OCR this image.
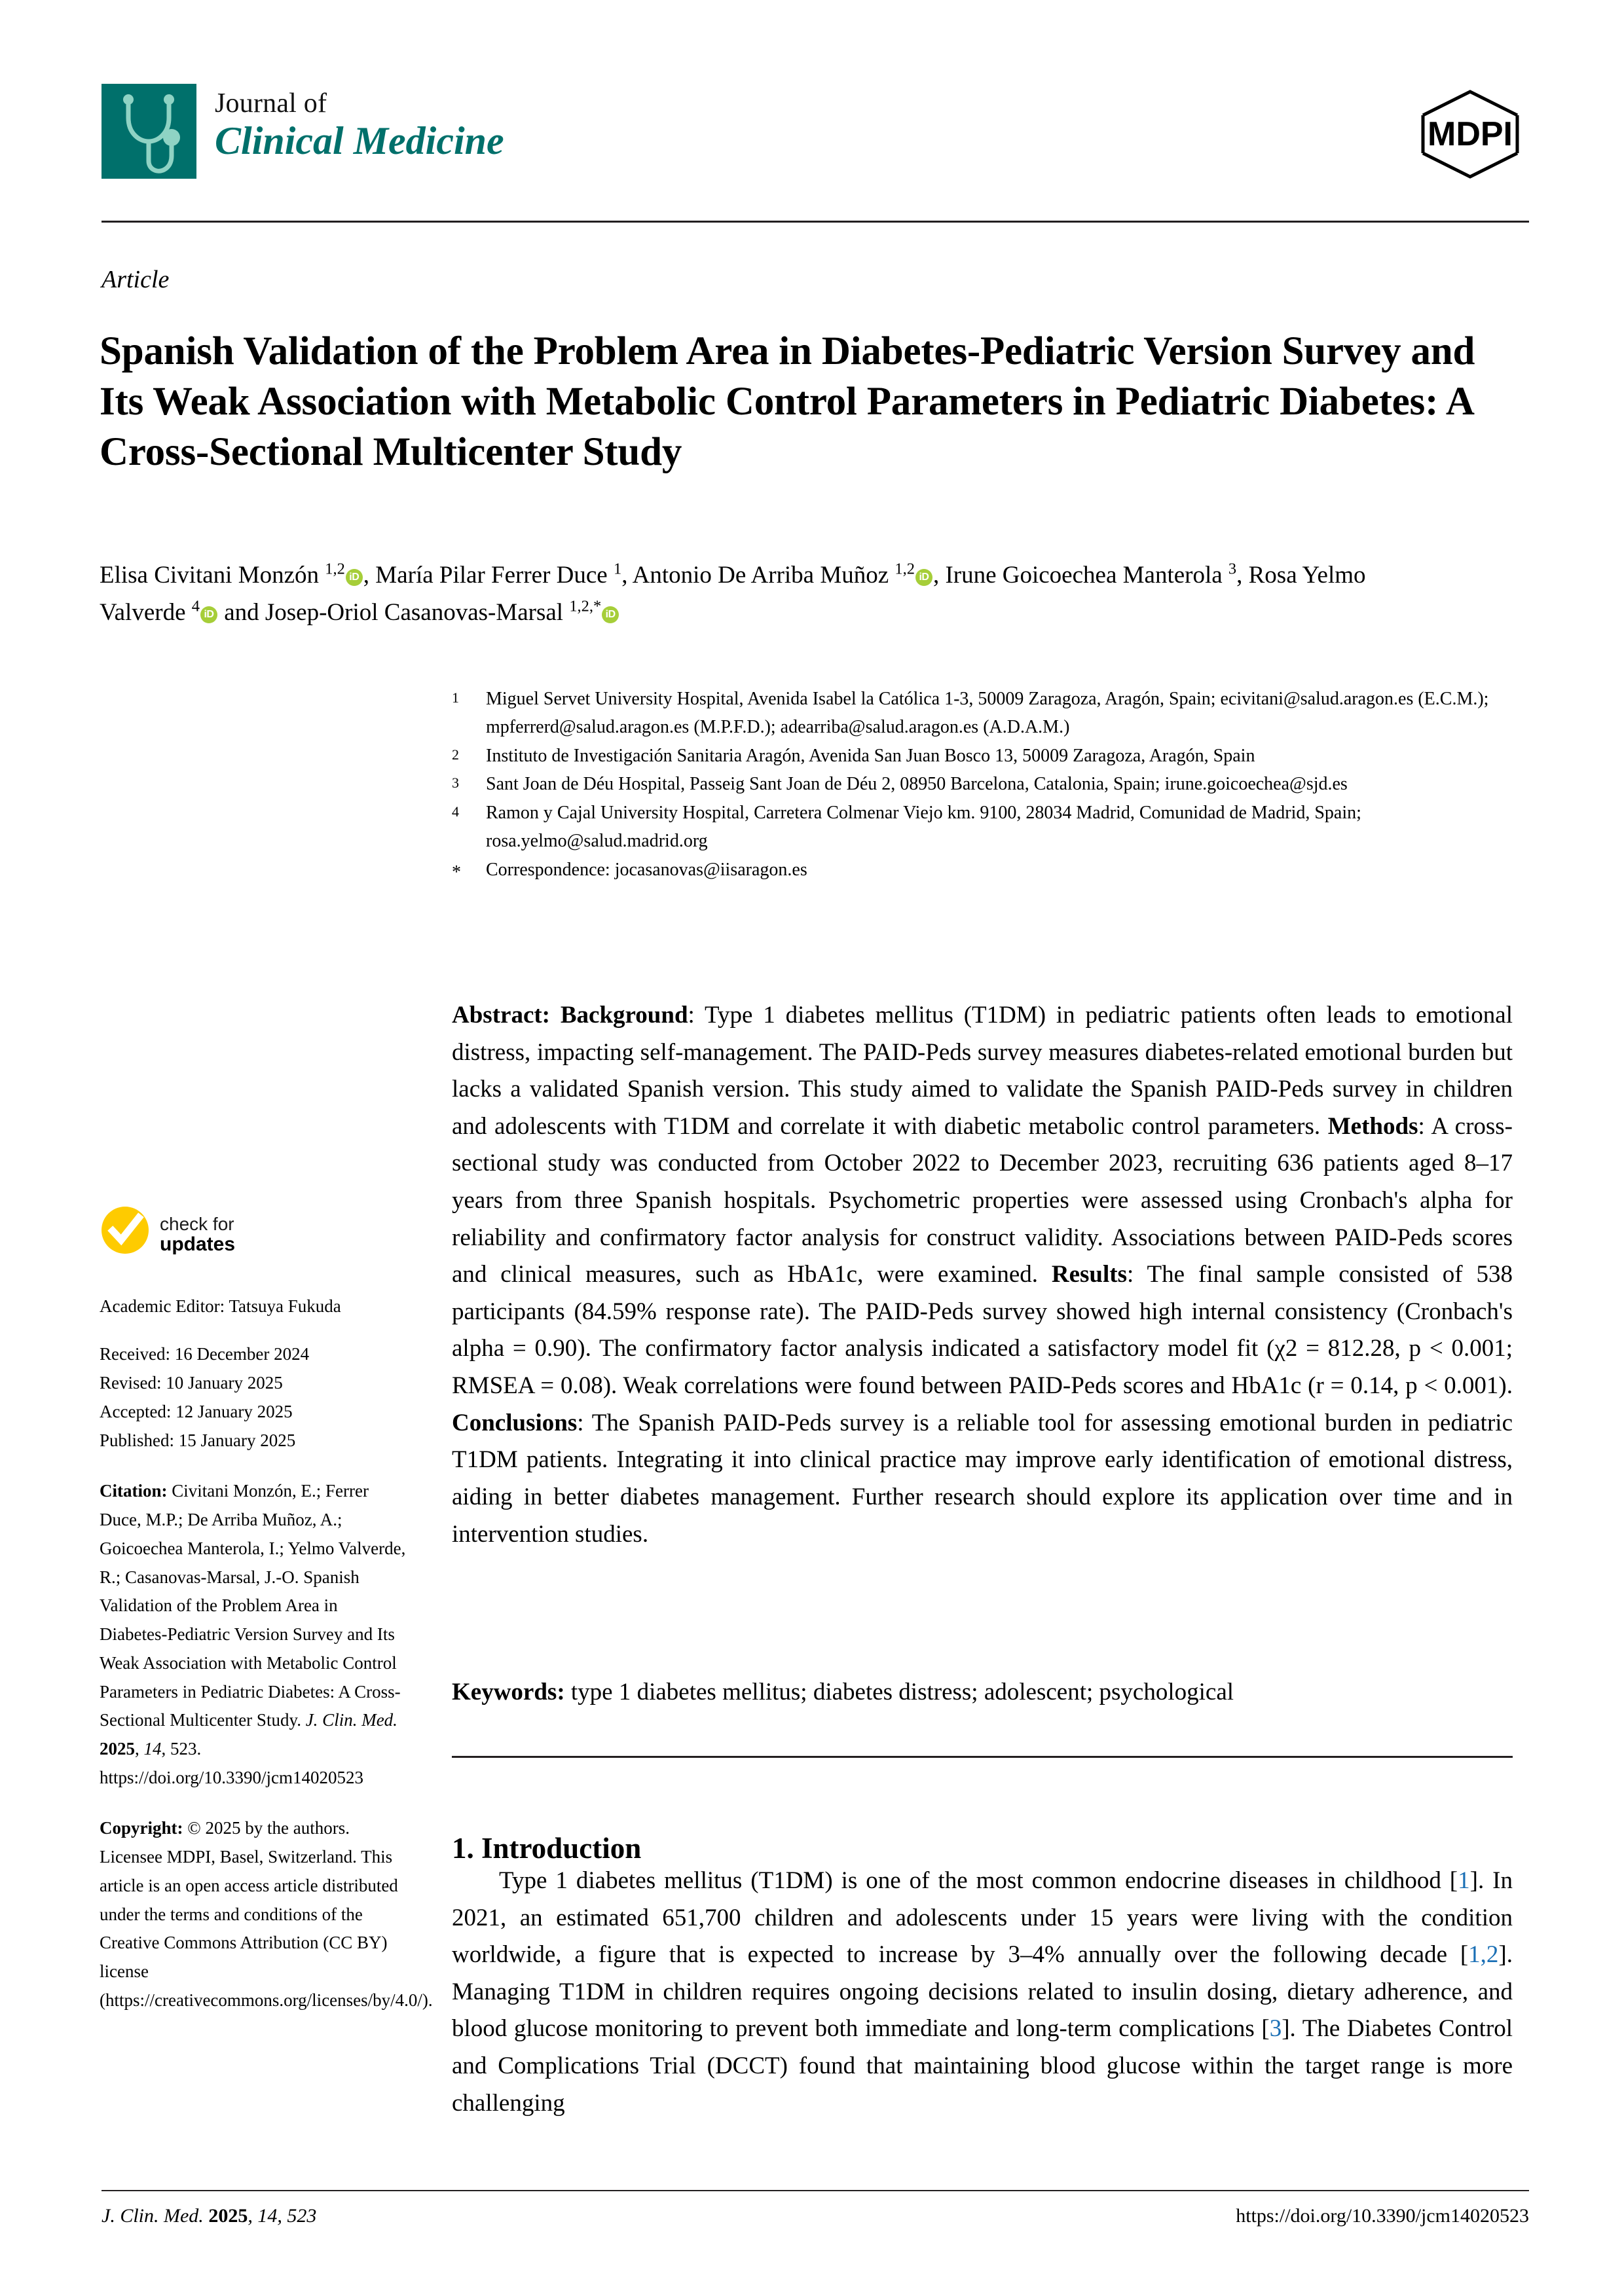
Journal of
Clinical Medicine	MDPI
Article
Spanish Validation of the Problem Area in Diabetes-Pediatric Version Survey and Its Weak Association with Metabolic Control Parameters in Pediatric Diabetes: A Cross-Sectional Multicenter Study
Elisa Civitani Monzón $^{1,2}$ iD , María Pilar Ferrer Duce $^1$, Antonio De Arriba Muñoz $^{1,2}$ iD , Irune Goicoechea Manterola $^3$, Rosa Yelmo Valverde $^4$ iD and Josep-Oriol Casanovas-Marsal $^{1,2,*}$ iD
1	Miguel Servet University Hospital, Avenida Isabel la Católica 1-3, 50009 Zaragoza, Aragón, Spain; ecivitani@salud.aragon.es (E.C.M.); mpferrerd@salud.aragon.es (M.P.F.D.); adearriba@salud.aragon.es (A.D.A.M.)
2	Instituto de Investigación Sanitaria Aragón, Avenida San Juan Bosco 13, 50009 Zaragoza, Aragón, Spain
3	Sant Joan de Déu Hospital, Passeig Sant Joan de Déu 2, 08950 Barcelona, Catalonia, Spain; irune.goicoechea@sjd.es
4	Ramon y Cajal University Hospital, Carretera Colmenar Viejo km. 9100, 28034 Madrid, Comunidad de Madrid, Spain; rosa.yelmo@salud.madrid.org
*	Correspondence: jocasanovas@iisaragon.es
Abstract: Background: Type 1 diabetes mellitus (T1DM) in pediatric patients often leads to emotional distress, impacting self-management. The PAID-Peds survey measures diabetes-related emotional burden but lacks a validated Spanish version. This study aimed to validate the Spanish PAID-Peds survey in children and adolescents with T1DM and correlate it with diabetic metabolic control parameters. Methods: A cross-sectional study was conducted from October 2022 to December 2023, recruiting 636 patients aged 8–17 years from three Spanish hospitals. Psychometric properties were assessed using Cronbach's alpha for reliability and confirmatory factor analysis for construct validity. Associations between PAID-Peds scores and clinical measures, such as HbA1c, were examined. Results: The final sample consisted of 538 participants (84.59% response rate). The PAID-Peds survey showed high internal consistency (Cronbach's alpha = 0.90). The confirmatory factor analysis indicated a satisfactory model fit (χ2 = 812.28, p < 0.001; RMSEA = 0.08). Weak correlations were found between PAID-Peds scores and HbA1c (r = 0.14, p < 0.001). Conclusions: The Spanish PAID-Peds survey is a reliable tool for assessing emotional burden in pediatric T1DM patients. Integrating it into clinical practice may improve early identification of emotional distress, aiding in better diabetes management. Further research should explore its application over time and in intervention studies.
Keywords: type 1 diabetes mellitus; diabetes distress; adolescent; psychological
1. Introduction

Type 1 diabetes mellitus (T1DM) is one of the most common endocrine diseases in childhood [1]. In 2021, an estimated 651,700 children and adolescents under 15 years were living with the condition worldwide, a figure that is expected to increase by 3–4% annually over the following decade [1,2]. Managing T1DM in children requires ongoing decisions related to insulin dosing, dietary adherence, and blood glucose monitoring to prevent both immediate and long-term complications [3]. The Diabetes Control and Complications Trial (DCCT) found that maintaining blood glucose within the target range is more challenging

check for
updates
Academic Editor: Tatsuya Fukuda
Received: 16 December 2024
Revised: 10 January 2025
Accepted: 12 January 2025
Published: 15 January 2025
Citation: Civitani Monzón, E.; Ferrer Duce, M.P.; De Arriba Muñoz, A.; Goicoechea Manterola, I.; Yelmo Valverde, R.; Casanovas-Marsal, J.-O. Spanish Validation of the Problem Area in Diabetes-Pediatric Version Survey and Its Weak Association with Metabolic Control Parameters in Pediatric Diabetes: A Cross-Sectional Multicenter Study. J. Clin. Med. 2025, 14, 523. https://doi.org/10.3390/jcm14020523
Copyright: © 2025 by the authors. Licensee MDPI, Basel, Switzerland. This article is an open access article distributed under the terms and conditions of the Creative Commons Attribution (CC BY) license (https://creativecommons.org/licenses/by/4.0/).
J. Clin. Med. 2025, 14, 523	https://doi.org/10.3390/jcm14020523
